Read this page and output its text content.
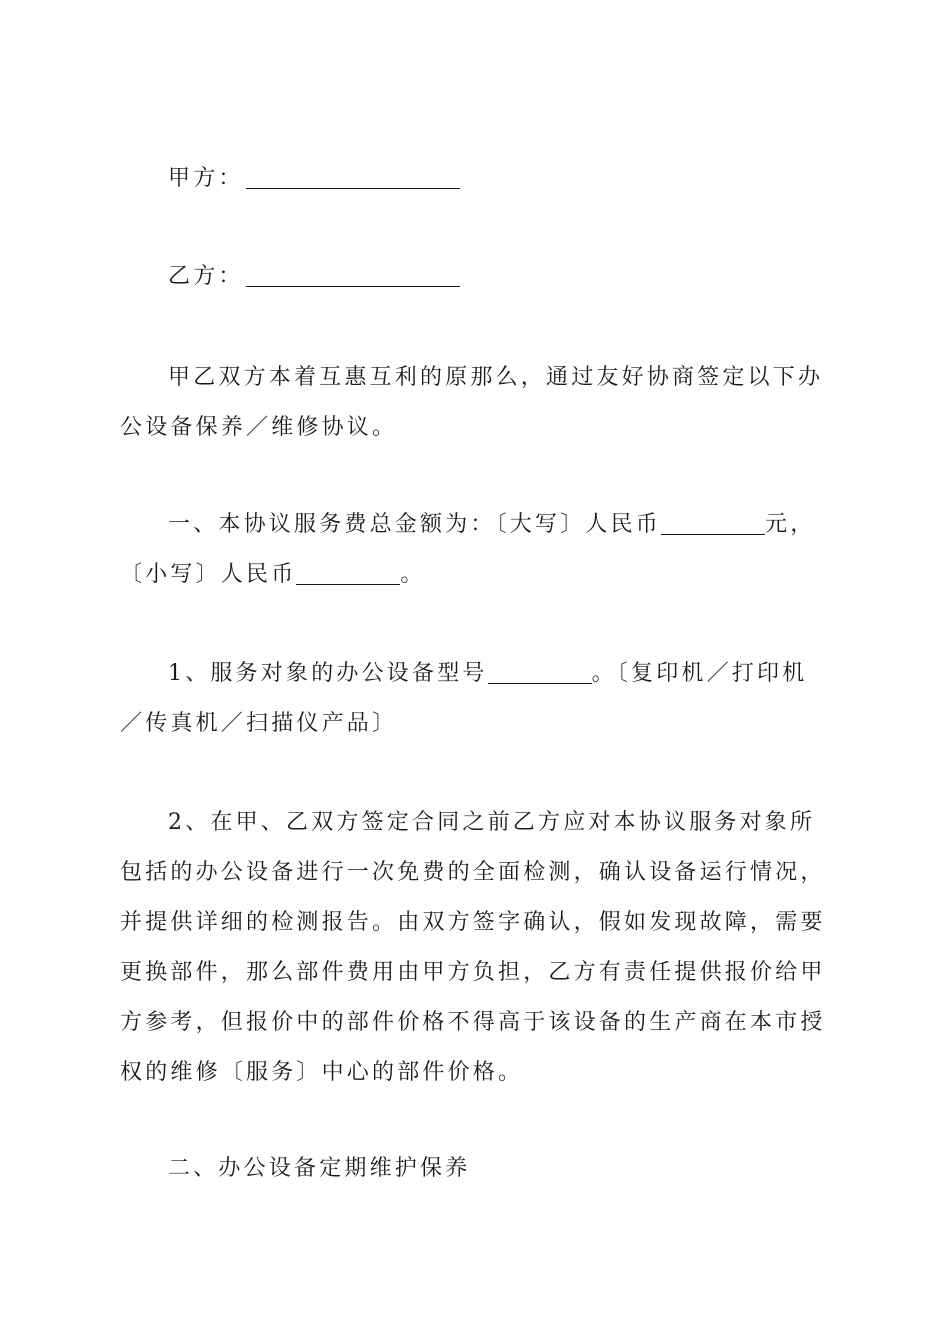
甲方：
乙方：
甲乙双方本着互惠互利的原那么，通过友好协商签定以下办公设备保养／维修协议。
一、本协议服务费总金额为：〔大写〕人民币	元，〔小写〕人民币	。
1、服务对象的办公设备型号	。〔复印机／打印机／传真机／扫描仪产品〕
2、在甲、乙双方签定合同之前乙方应对本协议服务对象所包括的办公设备进行一次免费的全面检测，确认设备运行情况，并提供详细的检测报告。由双方签字确认，假如发现故障，需要更换部件，那么部件费用由甲方负担，乙方有责任提供报价给甲方参考，但报价中的部件价格不得高于该设备的生产商在本市授权的维修〔服务〕中心的部件价格。
二、办公设备定期维护保养
